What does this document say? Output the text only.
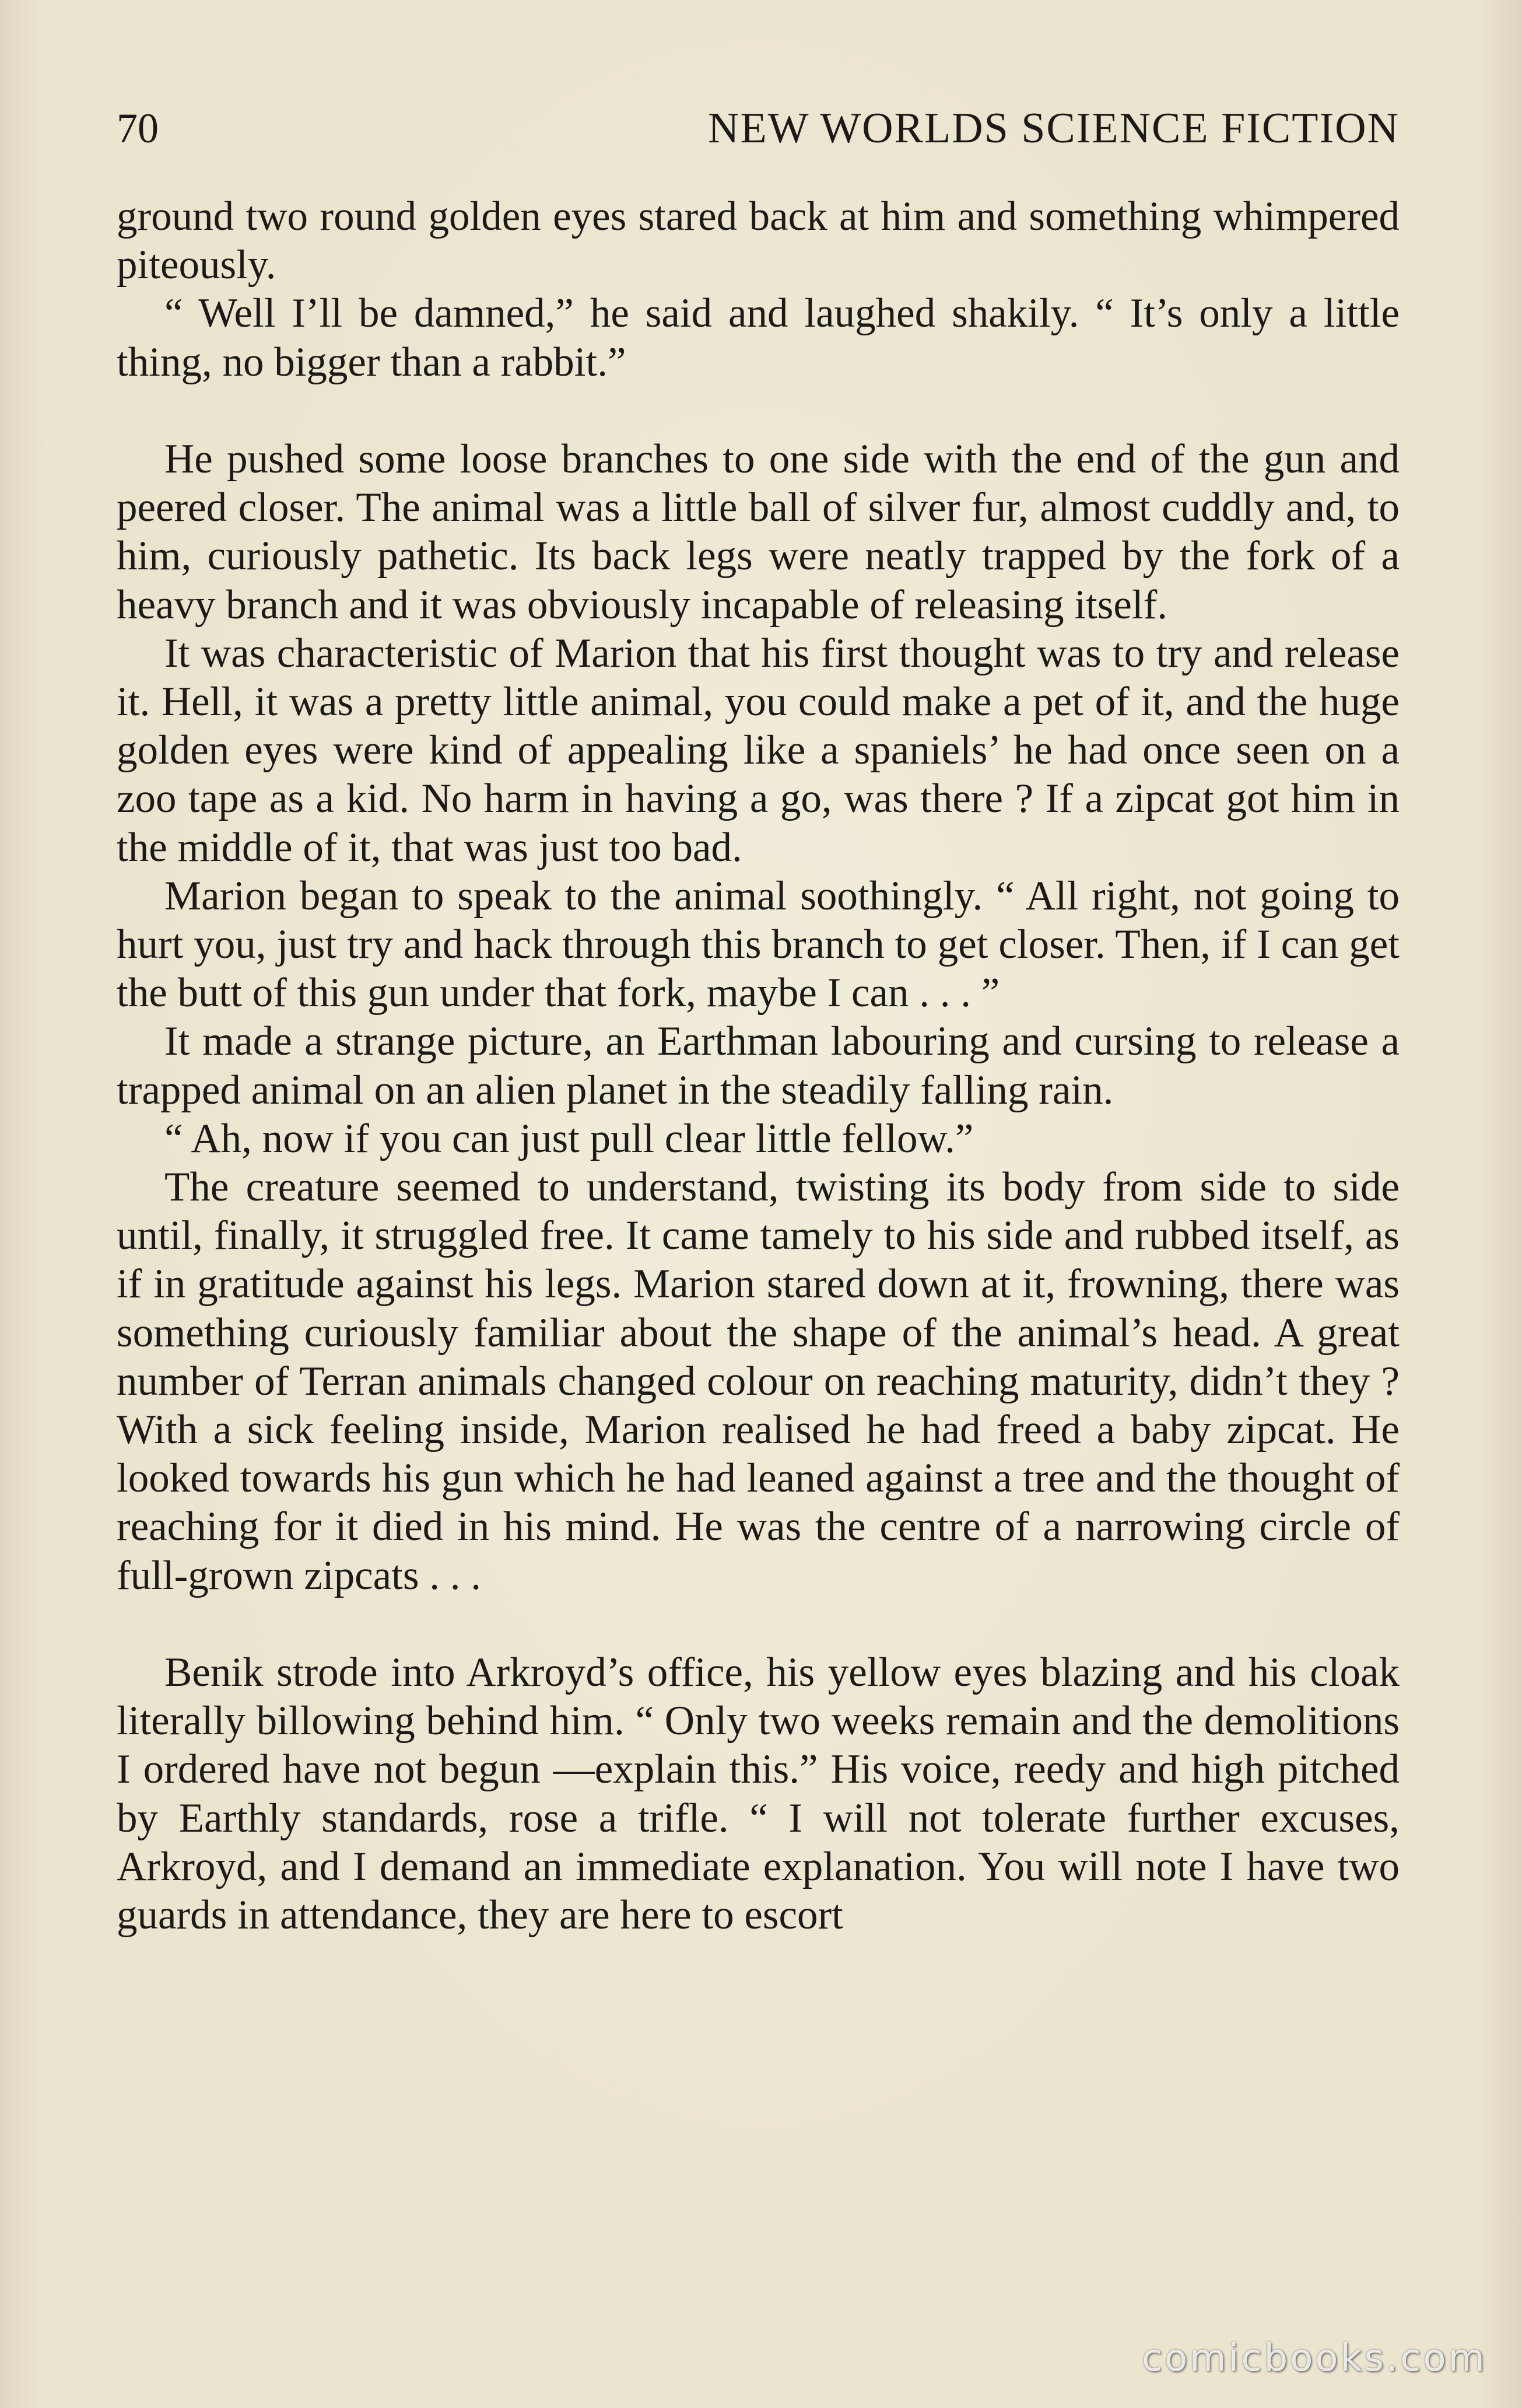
70	NEW WORLDS SCIENCE FICTION

ground two round golden eyes stared back at him and something whimpered piteously.

“ Well I’ll be damned,” he said and laughed shakily. “ It’s only a little thing, no bigger than a rabbit.”

He pushed some loose branches to one side with the end of the gun and peered closer. The animal was a little ball of silver fur, almost cuddly and, to him, curiously pathetic. Its back legs were neatly trapped by the fork of a heavy branch and it was obviously incapable of releasing itself.

It was characteristic of Marion that his first thought was to try and release it. Hell, it was a pretty little animal, you could make a pet of it, and the huge golden eyes were kind of appealing like a spaniels’ he had once seen on a zoo tape as a kid. No harm in having a go, was there ? If a zipcat got him in the middle of it, that was just too bad.

Marion began to speak to the animal soothingly. “ All right, not going to hurt you, just try and hack through this branch to get closer. Then, if I can get the butt of this gun under that fork, maybe I can . . . ”

It made a strange picture, an Earthman labouring and cursing to release a trapped animal on an alien planet in the steadily falling rain.

“ Ah, now if you can just pull clear little fellow.”

The creature seemed to understand, twisting its body from side to side until, finally, it struggled free. It came tamely to his side and rubbed itself, as if in gratitude against his legs. Marion stared down at it, frowning, there was something curiously familiar about the shape of the animal’s head. A great number of Terran animals changed colour on reaching maturity, didn’t they ? With a sick feeling inside, Marion realised he had freed a baby zipcat. He looked towards his gun which he had leaned against a tree and the thought of reaching for it died in his mind. He was the centre of a narrowing circle of full-grown zipcats . . .

Benik strode into Arkroyd’s office, his yellow eyes blazing and his cloak literally billowing behind him. “ Only two weeks remain and the demolitions I ordered have not begun —explain this.” His voice, reedy and high pitched by Earthly standards, rose a trifle. “ I will not tolerate further excuses, Arkroyd, and I demand an immediate explanation. You will note I have two guards in attendance, they are here to escort

comicbooks.com
